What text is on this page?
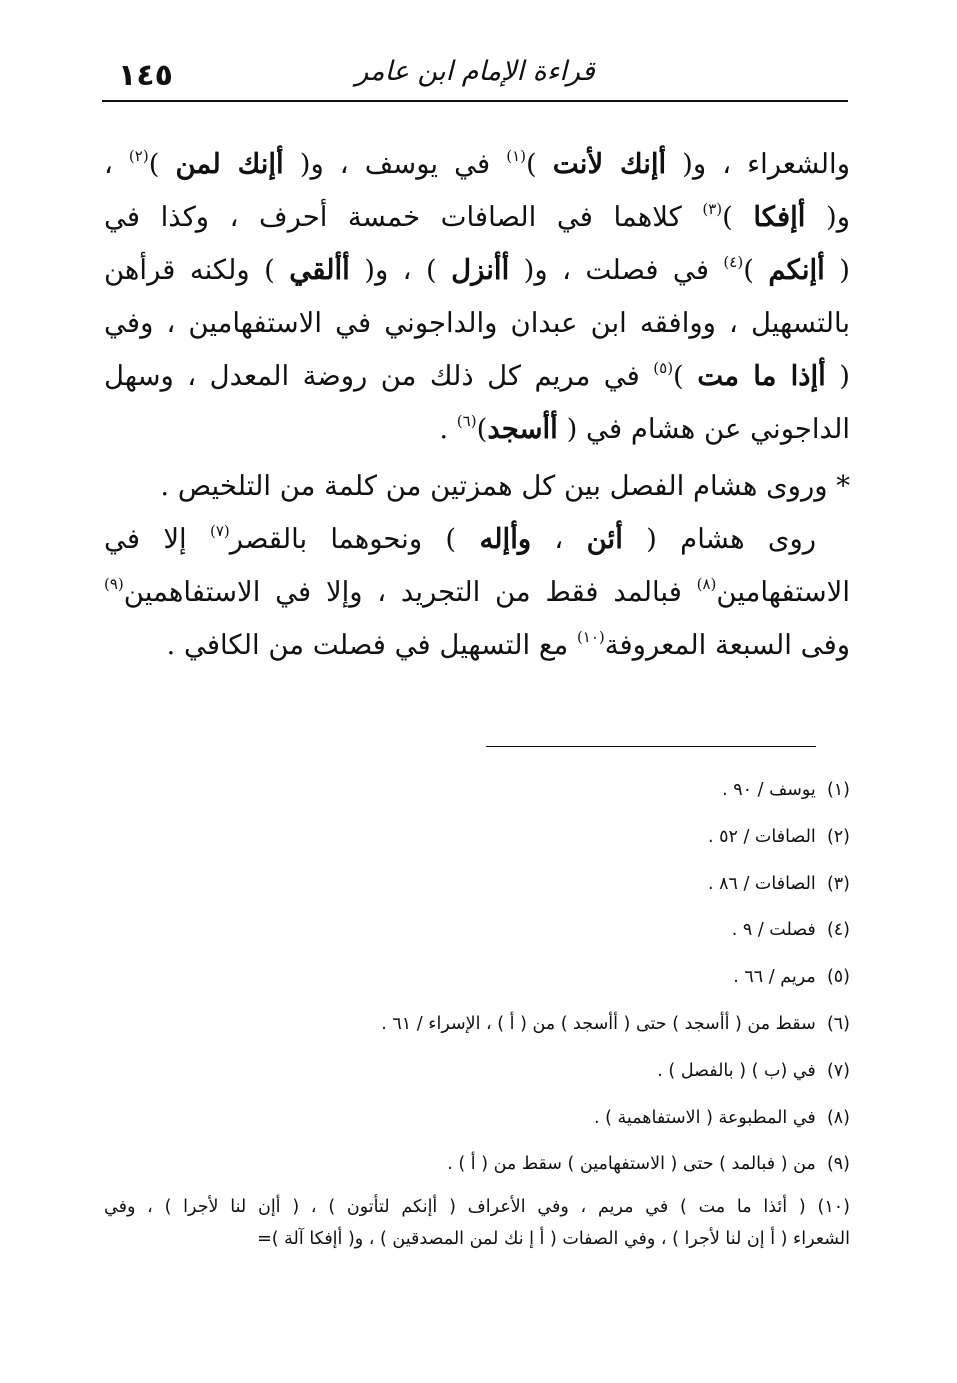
١٤٥	قراءة الإمام ابن عامر
والشعراء ، و( أإنك لأنت )$^{(١)}$ في يوسف ، و( أإنك لمن )$^{(٢)}$ ،
و( أإفكا )$^{(٣)}$ كلاهما في الصافات خمسة أحرف ، وكذا في
( أإنكم )$^{(٤)}$ في فصلت ، و( أأنزل ) ، و( أألقي ) ولكنه قرأهن
بالتسهيل ، ووافقه ابن عبدان والداجوني في الاستفهامين ، وفي
( أإذا ما مت )$^{(٥)}$ في مريم كل ذلك من روضة المعدل ، وسهل
الداجوني عن هشام في ( أأسجد)$^{(٦)}$ .
* وروى هشام الفصل بين كل همزتين من كلمة من التلخيص .
روى هشام ( أئن ، وأإله ) ونحوهما بالقصر$^{(٧)}$ إلا في
الاستفهامين$^{(٨)}$ فبالمد فقط من التجريد ، وإلا في الاستفاهمين$^{(٩)}$
وفى السبعة المعروفة$^{(١٠)}$ مع التسهيل في فصلت من الكافي .
(١)  يوسف / ٩٠ .
(٢)  الصافات / ٥٢ .
(٣)  الصافات / ٨٦ .
(٤)  فصلت / ٩ .
(٥)  مريم / ٦٦ .
(٦)  سقط من ( أأسجد ) حتى ( أأسجد ) من ( أ ) ، الإسراء / ٦١ .
(٧)  في (ب ) ( بالفصل ) .
(٨)  في المطبوعة ( الاستفاهمية ) .
(٩)  من ( فبالمد ) حتى ( الاستفهامين ) سقط من ( أ ) .
(١٠) ( أئذا ما مت ) في مريم ، وفي الأعراف ( أإنكم لتأتون ) ، ( أإن لنا لأجرا ) ، وفي
الشعراء ( أ إن لنا لأجرا ) ، وفي الصفات ( أ إ نك لمن المصدقين ) ، و( أإفكا آلة )=
